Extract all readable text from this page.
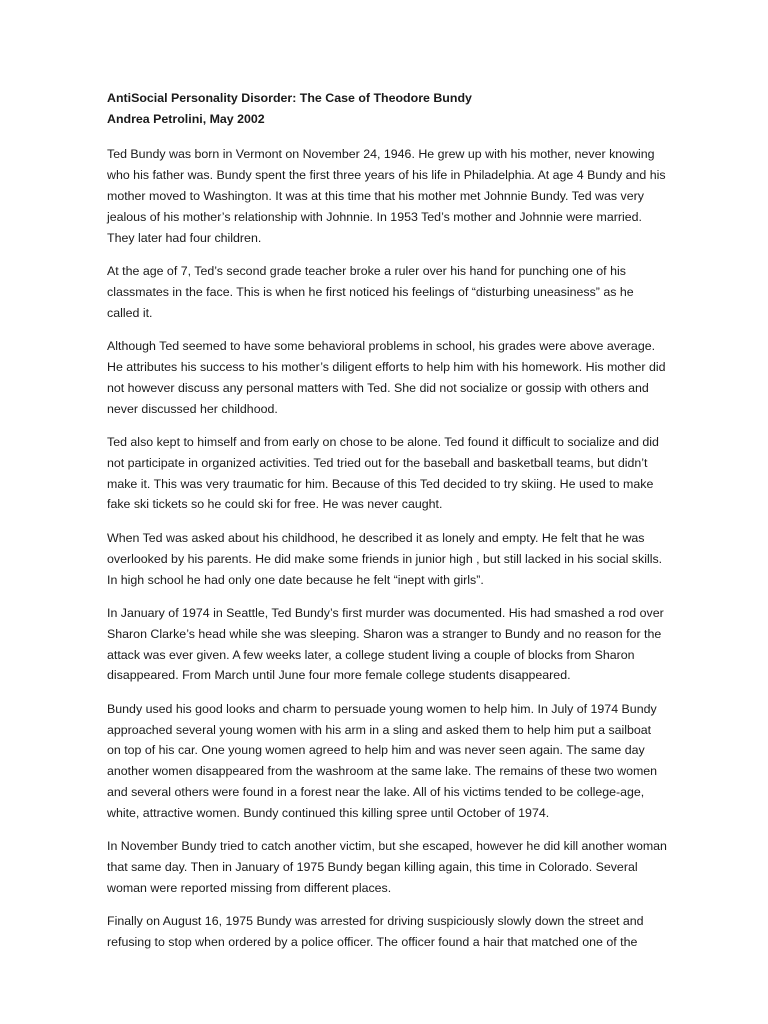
AntiSocial Personality Disorder: The Case of Theodore Bundy

Andrea Petrolini, May 2002

Ted Bundy was born in Vermont on November 24, 1946. He grew up with his mother, never knowing who his father was. Bundy spent the first three years of his life in Philadelphia. At age 4 Bundy and his mother moved to Washington. It was at this time that his mother met Johnnie Bundy. Ted was very jealous of his mother’s relationship with Johnnie. In 1953 Ted’s mother and Johnnie were married. They later had four children.

At the age of 7, Ted’s second grade teacher broke a ruler over his hand for punching one of his classmates in the face. This is when he first noticed his feelings of “disturbing uneasiness” as he called it.

Although Ted seemed to have some behavioral problems in school, his grades were above average. He attributes his success to his mother’s diligent efforts to help him with his homework. His mother did not however discuss any personal matters with Ted. She did not socialize or gossip with others and never discussed her childhood.

Ted also kept to himself and from early on chose to be alone. Ted found it difficult to socialize and did not participate in organized activities. Ted tried out for the baseball and basketball teams, but didn’t make it. This was very traumatic for him. Because of this Ted decided to try skiing. He used to make fake ski tickets so he could ski for free. He was never caught.

When Ted was asked about his childhood, he described it as lonely and empty. He felt that he was overlooked by his parents. He did make some friends in junior high , but still lacked in his social skills. In high school he had only one date because he felt “inept with girls”.

In January of 1974 in Seattle, Ted Bundy’s first murder was documented. His had smashed a rod over Sharon Clarke’s head while she was sleeping. Sharon was a stranger to Bundy and no reason for the attack was ever given. A few weeks later, a college student living a couple of blocks from Sharon disappeared. From March until June four more female college students disappeared.

Bundy used his good looks and charm to persuade young women to help him. In July of 1974 Bundy approached several young women with his arm in a sling and asked them to help him put a sailboat on top of his car. One young women agreed to help him and was never seen again. The same day another women disappeared from the washroom at the same lake. The remains of these two women and several others were found in a forest near the lake. All of his victims tended to be college-age, white, attractive women. Bundy continued this killing spree until October of 1974.

In November Bundy tried to catch another victim, but she escaped, however he did kill another woman that same day. Then in January of 1975 Bundy began killing again, this time in Colorado. Several woman were reported missing from different places.

Finally on August 16, 1975 Bundy was arrested for driving suspiciously slowly down the street and refusing to stop when ordered by a police officer. The officer found a hair that matched one of the
